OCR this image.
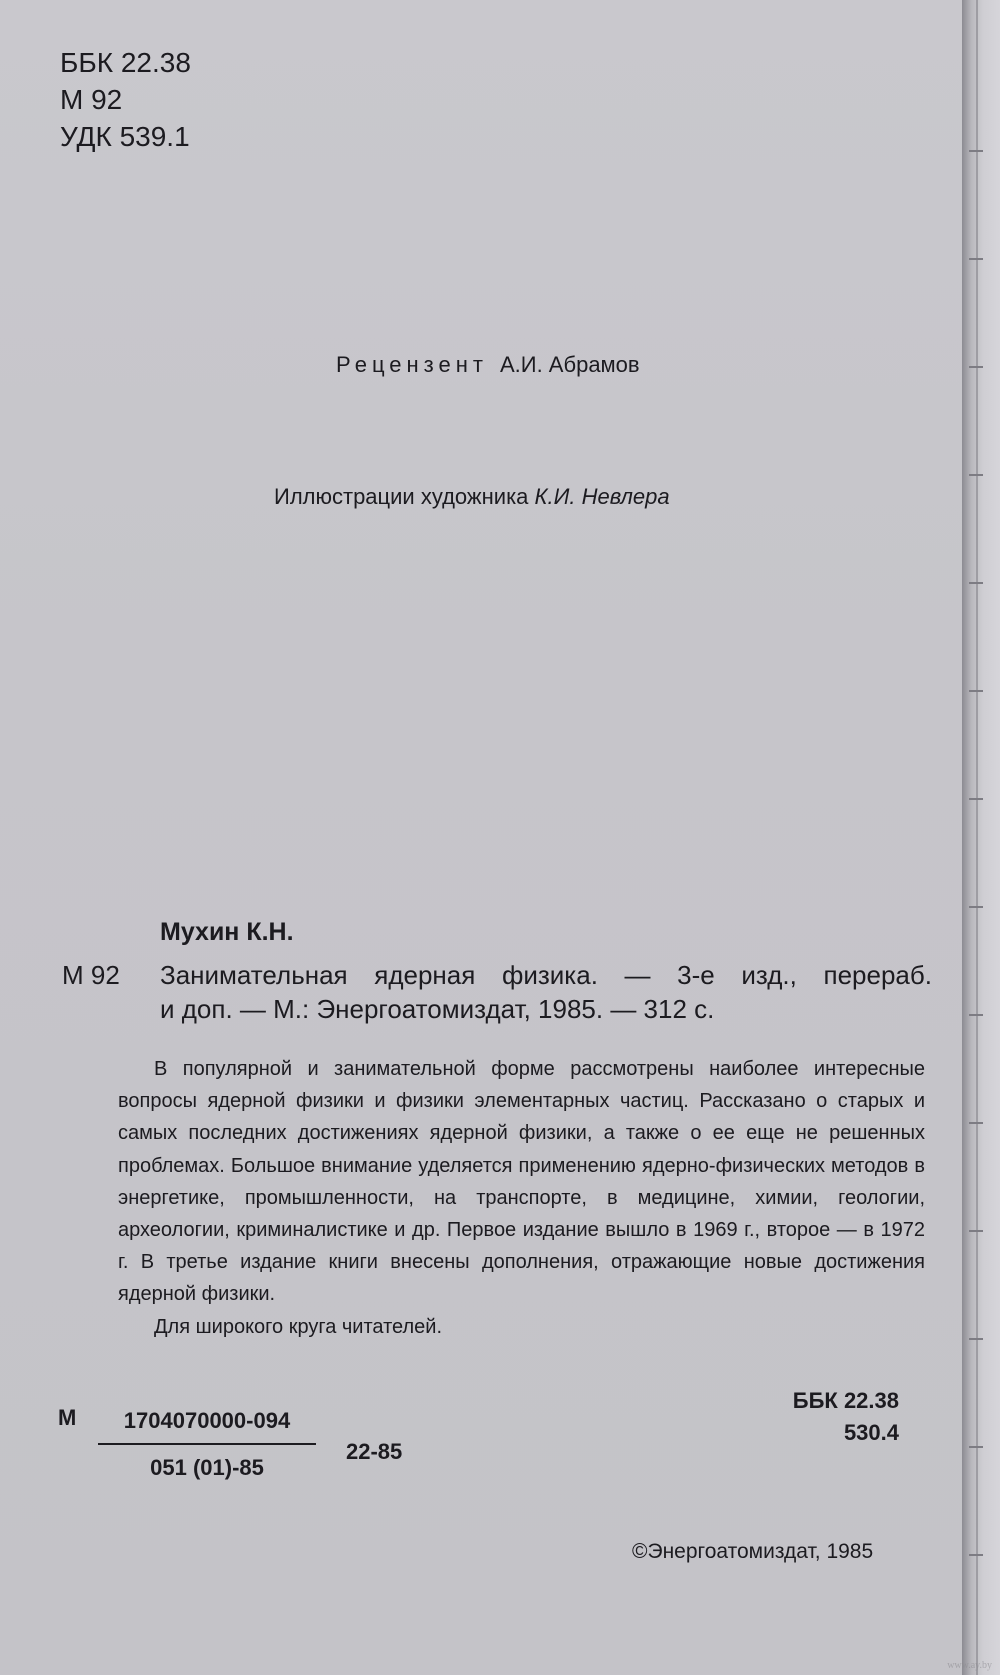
ББК 22.38
М 92
УДК 539.1
Рецензент А.И. Абрамов
Иллюстрации художника К.И. Невлера
Мухин К.Н.
М 92	Занимательная ядерная физика. — 3-е изд., перераб.
и доп. — М.: Энергоатомиздат, 1985. — 312 с.

В популярной и занимательной форме рассмотрены наиболее интересные вопросы ядерной физики и физики элементарных частиц. Рассказано о старых и самых последних достижениях ядерной физики, а также о ее еще не решенных проблемах. Большое внимание уделяется применению ядерно-физических методов в энергетике, промышленности, на транспорте, в медицине, химии, геологии, археологии, криминалистике и др. Первое издание вышло в 1969 г., второе — в 1972 г. В третье издание книги внесены дополнения, отражающие новые достижения ядерной физики.

Для широкого круга читателей.

М	1704070000-094
051 (01)-85
22-85
ББК 22.38
530.4
©Энергоатомиздат, 1985
www.ay.by
